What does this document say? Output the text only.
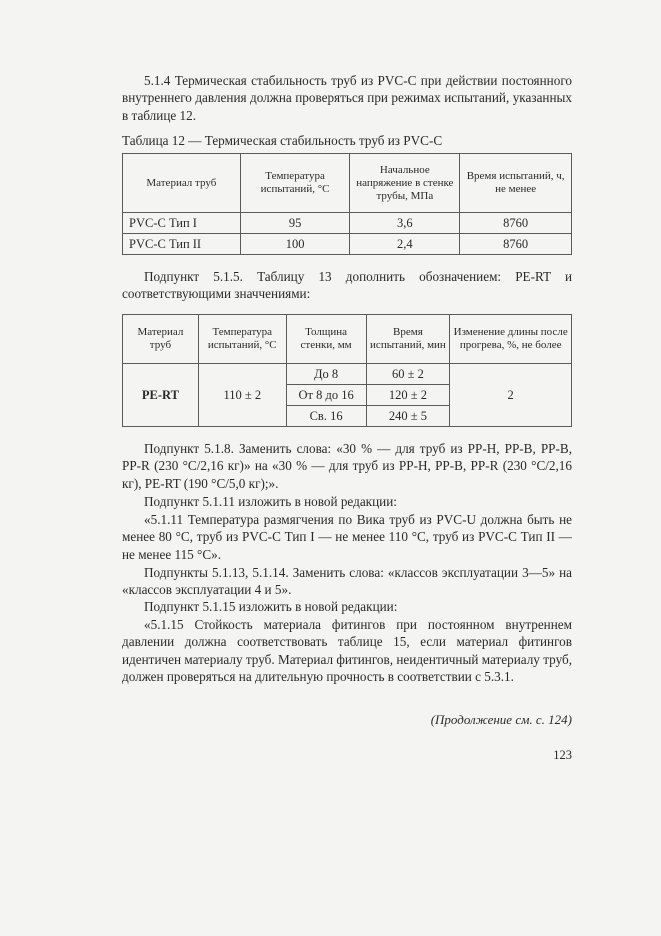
5.1.4 Термическая стабильность труб из PVC-C при действии постоянного внутреннего давления должна проверяться при режимах испытаний, указанных в таблице 12.
Таблица 12 — Термическая стабильность труб из PVC-C
Материал труб	Температура испытаний, °С	Начальное напряжение в стенке трубы, МПа	Время испытаний, ч, не менее
PVC-C Тип I	95	3,6	8760
PVC-C Тип II	100	2,4	8760
Подпункт 5.1.5. Таблицу 13 дополнить обозначением: PE-RT и соответствующими значчениями:
Материал труб	Температура испытаний, °С	Толщина стенки, мм	Время испытаний, мин	Изменение длины после прогрева, %, не более
PE-RT	110 ± 2	До 8	60 ± 2	2
		От 8 до 16	120 ± 2	
		Св. 16	240 ± 5	
Подпункт 5.1.8. Заменить слова: «30 % — для труб из PP-H, PP-B, PP-B, PP-R (230 °С/2,16 кг)» на «30 % — для труб из PP-H, PP-B, PP-R (230 °С/2,16 кг), PE-RT (190 °С/5,0 кг);».
Подпункт 5.1.11 изложить в новой редакции:
«5.1.11 Температура размягчения по Вика труб из PVC-U должна быть не менее 80 °С, труб из PVC-C Тип I — не менее 110 °С, труб из PVC-C Тип II — не менее 115 °С».
Подпункты 5.1.13, 5.1.14. Заменить слова: «классов эксплуатации 3—5» на «классов эксплуатации 4 и 5».
Подпункт 5.1.15 изложить в новой редакции:
«5.1.15 Стойкость материала фитингов при постоянном внутреннем давлении должна соответствовать таблице 15, если материал фитингов идентичен материалу труб. Материал фитингов, неидентичный материалу труб, должен проверяться на длительную прочность в соответствии с 5.3.1.
(Продолжение см. с. 124)
123
